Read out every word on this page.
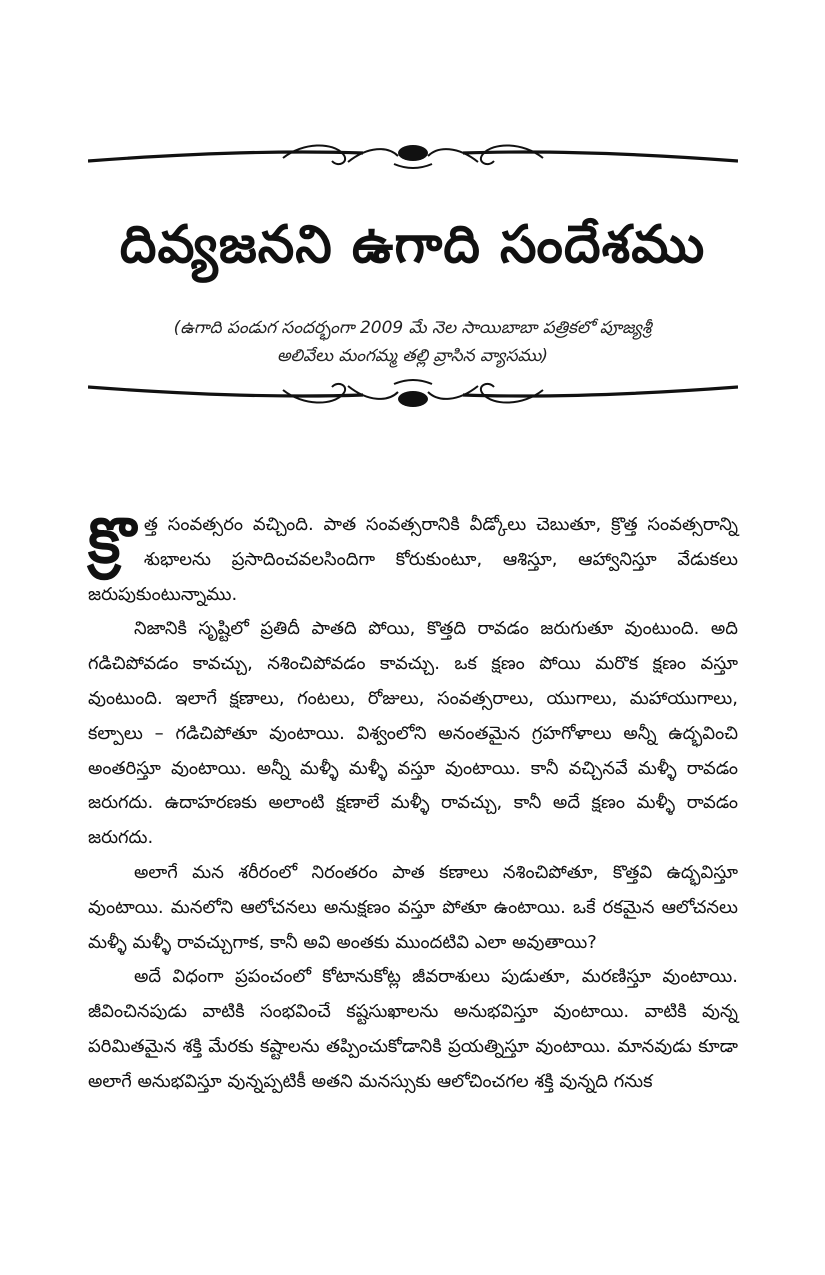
దివ్యజనని ఉగాది సందేశము
(ఉగాది పండుగ సందర్భంగా 2009 మే నెల సాయిబాబా పత్రికలో పూజ్యశ్రీ
అలివేలు మంగమ్మ తల్లి వ్రాసిన వ్యాసము)

క్రొ త్త సంవత్సరం వచ్చింది. పాత సంవత్సరానికి వీడ్కోలు చెబుతూ, క్రొత్త సంవత్సరాన్ని శుభాలను ప్రసాదించవలసిందిగా కోరుకుంటూ, ఆశిస్తూ, ఆహ్వానిస్తూ వేడుకలు జరుపుకుంటున్నాము.

నిజానికి సృష్టిలో ప్రతిదీ పాతది పోయి, కొత్తది రావడం జరుగుతూ వుంటుంది. అది గడిచిపోవడం కావచ్చు, నశించిపోవడం కావచ్చు. ఒక క్షణం పోయి మరొక క్షణం వస్తూ వుంటుంది. ఇలాగే క్షణాలు, గంటలు, రోజులు, సంవత్సరాలు, యుగాలు, మహాయుగాలు, కల్పాలు – గడిచిపోతూ వుంటాయి. విశ్వంలోని అనంతమైన గ్రహగోళాలు అన్నీ ఉద్భవించి అంతరిస్తూ వుంటాయి. అన్నీ మళ్ళీ మళ్ళీ వస్తూ వుంటాయి. కానీ వచ్చినవే మళ్ళీ రావడం జరుగదు. ఉదాహరణకు అలాంటి క్షణాలే మళ్ళీ రావచ్చు, కానీ అదే క్షణం మళ్ళీ రావడం జరుగదు.

అలాగే మన శరీరంలో నిరంతరం పాత కణాలు నశించిపోతూ, కొత్తవి ఉద్భవిస్తూ వుంటాయి. మనలోని ఆలోచనలు అనుక్షణం వస్తూ పోతూ ఉంటాయి. ఒకే రకమైన ఆలోచనలు మళ్ళీ మళ్ళీ రావచ్చుగాక, కానీ అవి అంతకు ముందటివి ఎలా అవుతాయి?

అదే విధంగా ప్రపంచంలో కోటానుకోట్ల జీవరాశులు పుడుతూ, మరణిస్తూ వుంటాయి. జీవించినపుడు వాటికి సంభవించే కష్టసుఖాలను అనుభవిస్తూ వుంటాయి. వాటికి వున్న పరిమితమైన శక్తి మేరకు కష్టాలను తప్పించుకోడానికి ప్రయత్నిస్తూ వుంటాయి. మానవుడు కూడా అలాగే అనుభవిస్తూ వున్నప్పటికీ అతని మనస్సుకు ఆలోచించగల శక్తి వున్నది గనుక
